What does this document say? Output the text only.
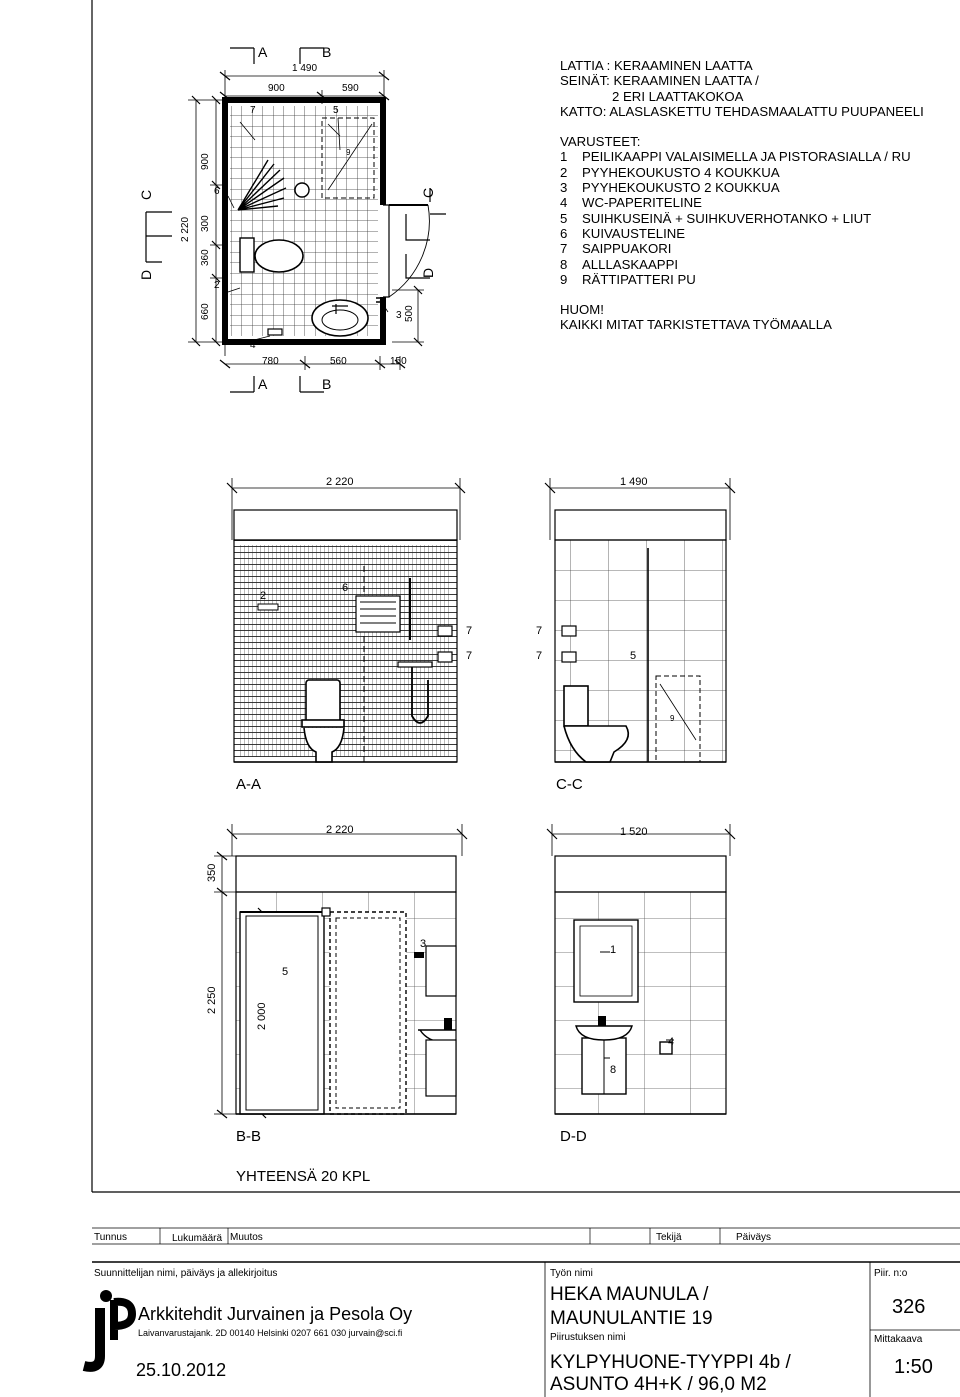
A	B
1 490
900	590
7	5
6
2
4
3
9
780	560	150
A	B
C
D
C
D
2 220
900
300
360
660	500
LATTIA : KERAAMINEN LAATTA
SEINÄT: KERAAMINEN LAATTA /
2 ERI LAATTAKOKOA
KATTO: ALASLASKETTU TEHDASMAALATTU PUUPANEELI
VARUSTEET:
1 PEILIKAAPPI VALAISIMELLA JA PISTORASIALLA / RU
2 PYYHEKOUKUSTO 4 KOUKKUA
3 PYYHEKOUKUSTO 2 KOUKKUA
4 WC-PAPERITELINE
5 SUIHKUSEINÄ + SUIHKUVERHOTANKO + LIUT
6 KUIVAUSTELINE
7 SAIPPUAKORI
8 ALLLASKAAPPI
9 RÄTTIPATTERI PU
HUOM!
KAIKKI MITAT TARKISTETTAVA TYÖMAALLA
2 220
2
6
7
7
A-A
1 490
7
7	5
9
C-C
2 220
350
2 250
2 000
5
3
B-B
1 520
1
4
8
D-D
YHTEENSÄ 20 KPL
Tunnus	Lukumäärä Muutos	Tekijä	Päiväys
Suunnittelijan nimi, päiväys ja allekirjoitus
Arkkitehdit Jurvainen ja Pesola Oy
Laivanvarustajank. 2D 00140 Helsinki 0207 661 030 jurvain@sci.fi
25.10.2012
Työn nimi
HEKA MAUNULA /
MAUNULANTIE 19
Piirustuksen nimi
KYLPYHUONE-TYYPPI 4b /
ASUNTO 4H+K / 96,0 M2
Piir. n:o
326
Mittakaava
1:50
